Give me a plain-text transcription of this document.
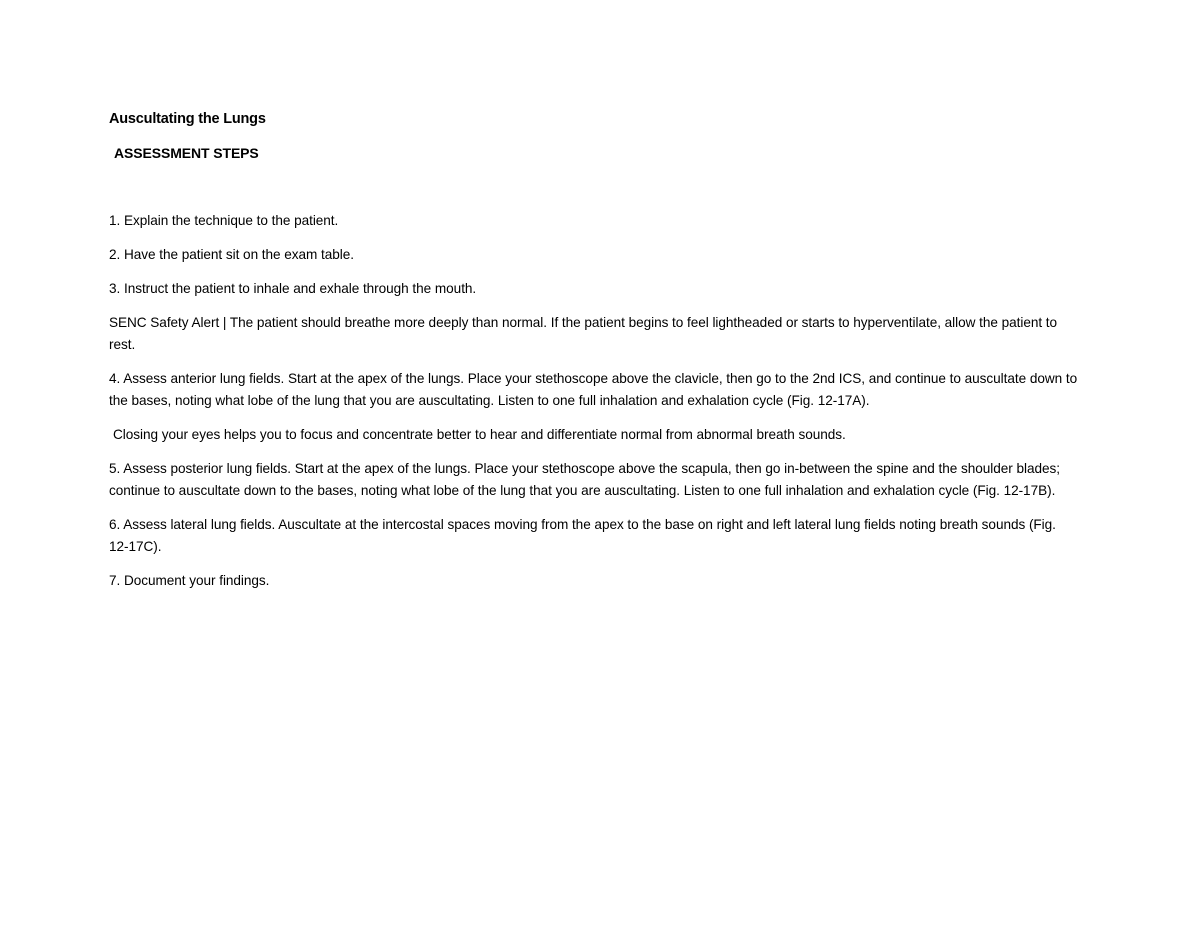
Auscultating the Lungs

ASSESSMENT STEPS

1. Explain the technique to the patient.

2. Have the patient sit on the exam table.

3. Instruct the patient to inhale and exhale through the mouth.

SENC Safety Alert | The patient should breathe more deeply than normal. If the patient begins to feel lightheaded or starts to hyperventilate, allow the patient to rest.

4. Assess anterior lung fields. Start at the apex of the lungs. Place your stethoscope above the clavicle, then go to the 2nd ICS, and continue to auscultate down to the bases, noting what lobe of the lung that you are auscultating. Listen to one full inhalation and exhalation cycle (Fig. 12-17A).

Closing your eyes helps you to focus and concentrate better to hear and differentiate normal from abnormal breath sounds.

5. Assess posterior lung fields. Start at the apex of the lungs. Place your stethoscope above the scapula, then go in-between the spine and the shoulder blades; continue to auscultate down to the bases, noting what lobe of the lung that you are auscultating. Listen to one full inhalation and exhalation cycle (Fig. 12-17B).

6. Assess lateral lung fields. Auscultate at the intercostal spaces moving from the apex to the base on right and left lateral lung fields noting breath sounds (Fig. 12-17C).

7. Document your findings.
